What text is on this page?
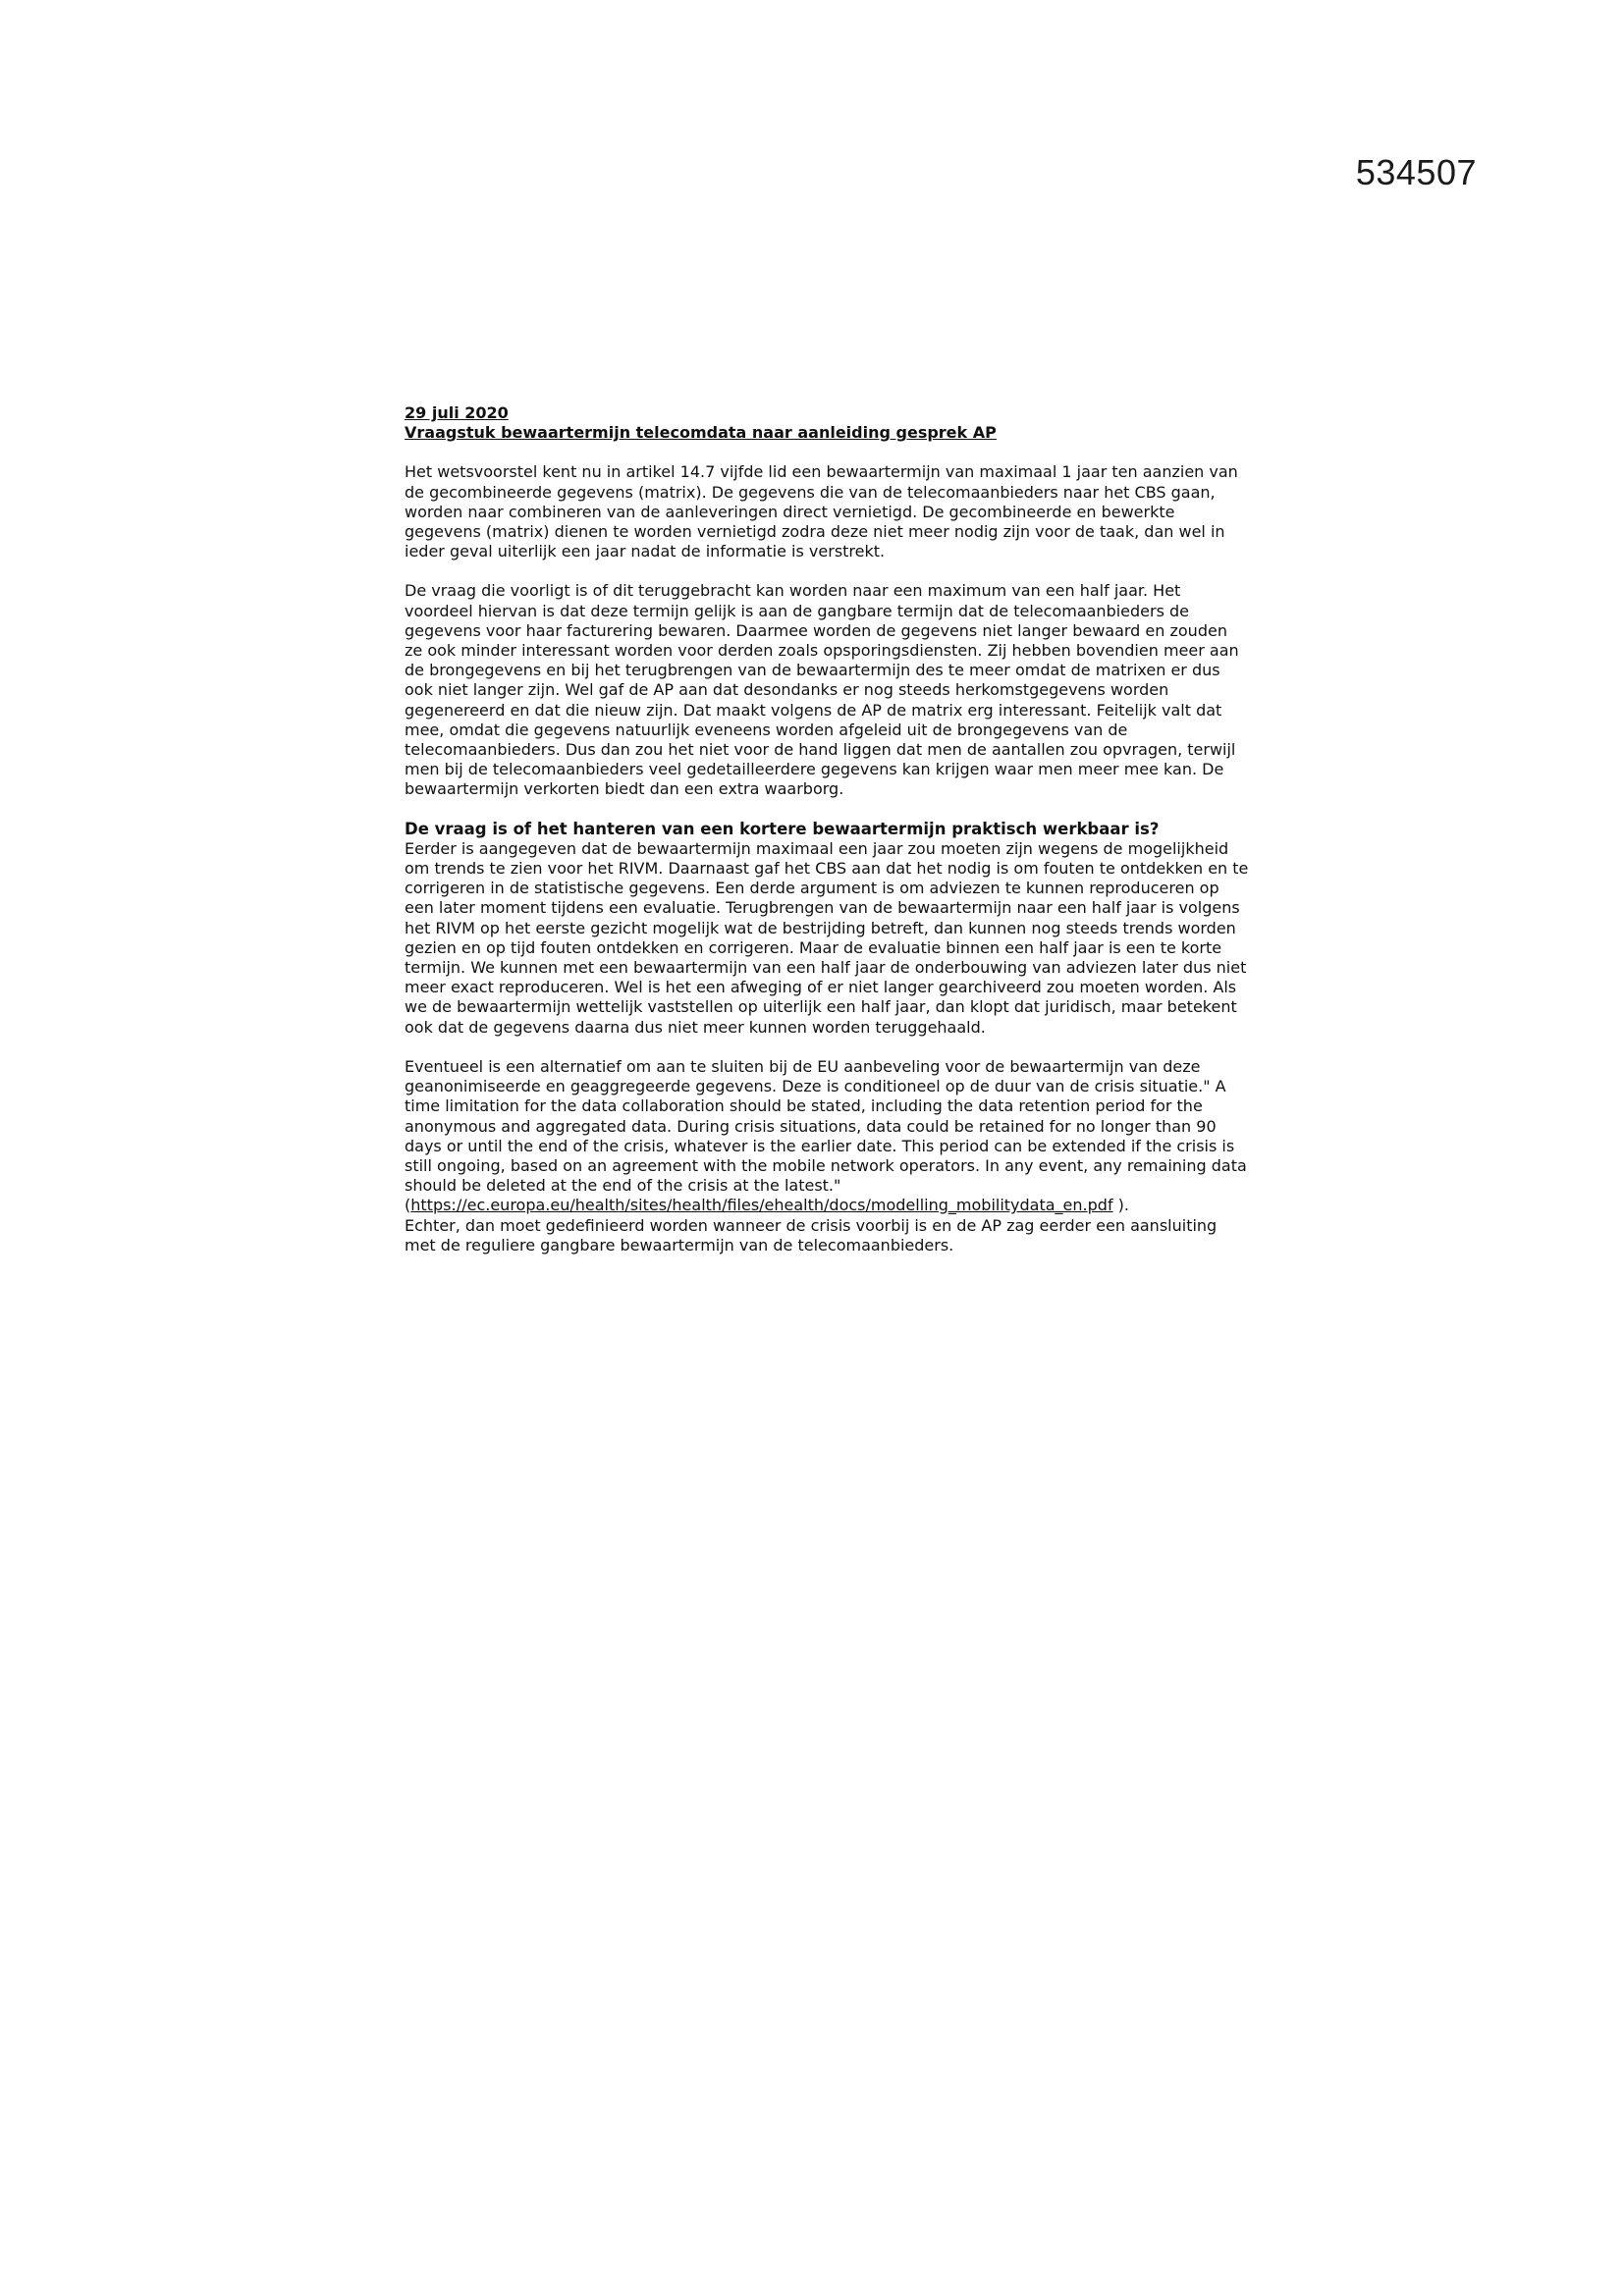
534507
29 juli 2020
Vraagstuk bewaartermijn telecomdata naar aanleiding gesprek AP

Het wetsvoorstel kent nu in artikel 14.7 vijfde lid een bewaartermijn van maximaal 1 jaar ten aanzien van de gecombineerde gegevens (matrix). De gegevens die van de telecomaanbieders naar het CBS gaan, worden naar combineren van de aanleveringen direct vernietigd. De gecombineerde en bewerkte gegevens (matrix) dienen te worden vernietigd zodra deze niet meer nodig zijn voor de taak, dan wel in ieder geval uiterlijk een jaar nadat de informatie is verstrekt.

De vraag die voorligt is of dit teruggebracht kan worden naar een maximum van een half jaar. Het voordeel hiervan is dat deze termijn gelijk is aan de gangbare termijn dat de telecomaanbieders de gegevens voor haar facturering bewaren. Daarmee worden de gegevens niet langer bewaard en zouden ze ook minder interessant worden voor derden zoals opsporingsdiensten. Zij hebben bovendien meer aan de brongegevens en bij het terugbrengen van de bewaartermijn des te meer omdat de matrixen er dus ook niet langer zijn. Wel gaf de AP aan dat desondanks er nog steeds herkomstgegevens worden gegenereerd en dat die nieuw zijn. Dat maakt volgens de AP de matrix erg interessant. Feitelijk valt dat mee, omdat die gegevens natuurlijk eveneens worden afgeleid uit de brongegevens van de telecomaanbieders. Dus dan zou het niet voor de hand liggen dat men de aantallen zou opvragen, terwijl men bij de telecomaanbieders veel gedetailleerdere gegevens kan krijgen waar men meer mee kan. De bewaartermijn verkorten biedt dan een extra waarborg.

De vraag is of het hanteren van een kortere bewaartermijn praktisch werkbaar is?

Eerder is aangegeven dat de bewaartermijn maximaal een jaar zou moeten zijn wegens de mogelijkheid om trends te zien voor het RIVM. Daarnaast gaf het CBS aan dat het nodig is om fouten te ontdekken en te corrigeren in de statistische gegevens. Een derde argument is om adviezen te kunnen reproduceren op een later moment tijdens een evaluatie. Terugbrengen van de bewaartermijn naar een half jaar is volgens het RIVM op het eerste gezicht mogelijk wat de bestrijding betreft, dan kunnen nog steeds trends worden gezien en op tijd fouten ontdekken en corrigeren. Maar de evaluatie binnen een half jaar is een te korte termijn. We kunnen met een bewaartermijn van een half jaar de onderbouwing van adviezen later dus niet meer exact reproduceren. Wel is het een afweging of er niet langer gearchiveerd zou moeten worden. Als we de bewaartermijn wettelijk vaststellen op uiterlijk een half jaar, dan klopt dat juridisch, maar betekent ook dat de gegevens daarna dus niet meer kunnen worden teruggehaald.

Eventueel is een alternatief om aan te sluiten bij de EU aanbeveling voor de bewaartermijn van deze geanonimiseerde en geaggregeerde gegevens. Deze is conditioneel op de duur van de crisis situatie." A time limitation for the data collaboration should be stated, including the data retention period for the anonymous and aggregated data. During crisis situations, data could be retained for no longer than 90 days or until the end of the crisis, whatever is the earlier date. This period can be extended if the crisis is still ongoing, based on an agreement with the mobile network operators. In any event, any remaining data should be deleted at the end of the crisis at the latest."
(https://ec.europa.eu/health/sites/health/files/ehealth/docs/modelling_mobilitydata_en.pdf ).
Echter, dan moet gedefinieerd worden wanneer de crisis voorbij is en de AP zag eerder een aansluiting met de reguliere gangbare bewaartermijn van de telecomaanbieders.
